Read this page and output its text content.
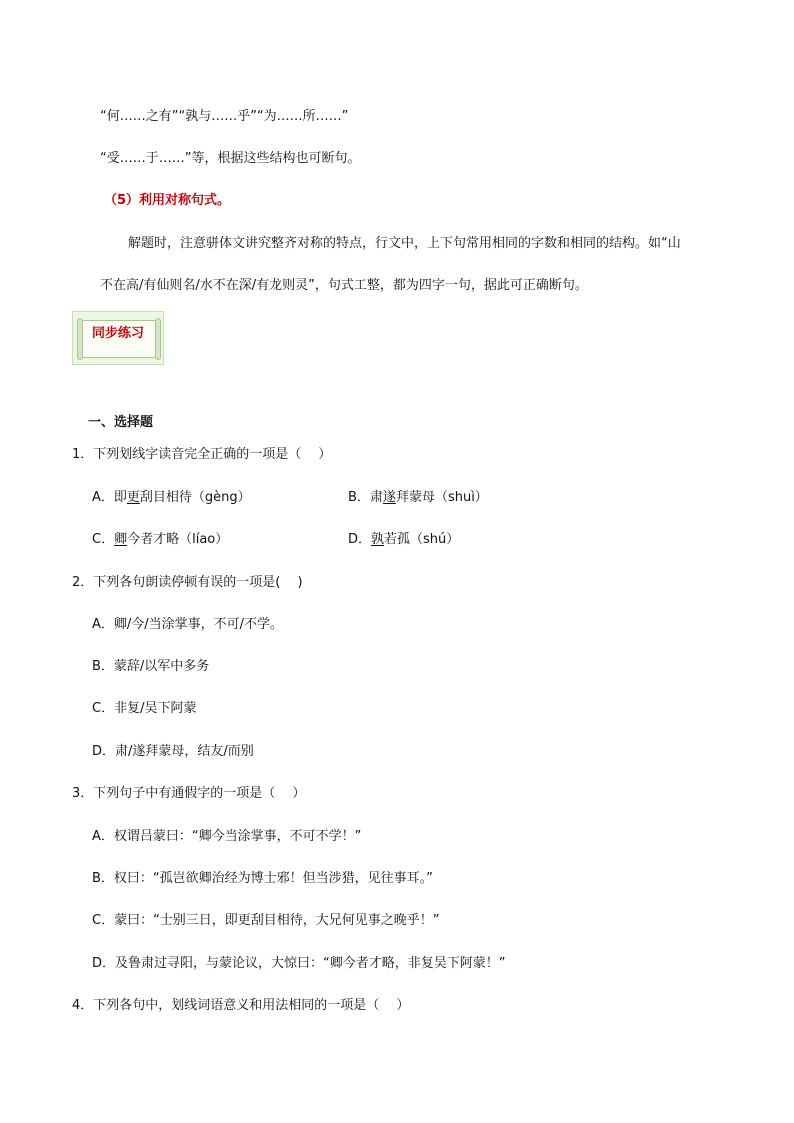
“何……之有”“孰与……乎”“为……所……”
“受……于……”等，根据这些结构也可断句。
（5）利用对称句式。
解题时，注意骈体文讲究整齐对称的特点，行文中，上下句常用相同的字数和相同的结构。如“山
不在高/有仙则名/水不在深/有龙则灵”，句式工整，都为四字一句，据此可正确断句。
同步练习
一、选择题
1．下列划线字读音完全正确的一项是（　 ）
A．即更刮目相待（gèng）	B．肃遂拜蒙母（shuì）
C．卿今者才略（líao）	D．孰若孤（shú）
2．下列各句朗读停顿有误的一项是(　 )
A．卿/今/当涂掌事，不可/不学。
B．蒙辞/以军中多务
C．非复/吴下阿蒙
D．肃/遂拜蒙母，结友/而别
3．下列句子中有通假字的一项是（　 ）
A．权谓吕蒙曰：“卿今当涂掌事，不可不学！”
B．权曰：“孤岂欲卿治经为博士邪！但当涉猎，见往事耳。”
C．蒙曰：“士别三日，即更刮目相待，大兄何见事之晚乎！”
D．及鲁肃过寻阳，与蒙论议，大惊曰：“卿今者才略，非复吴下阿蒙！”
4．下列各句中，划线词语意义和用法相同的一项是（　 ）
